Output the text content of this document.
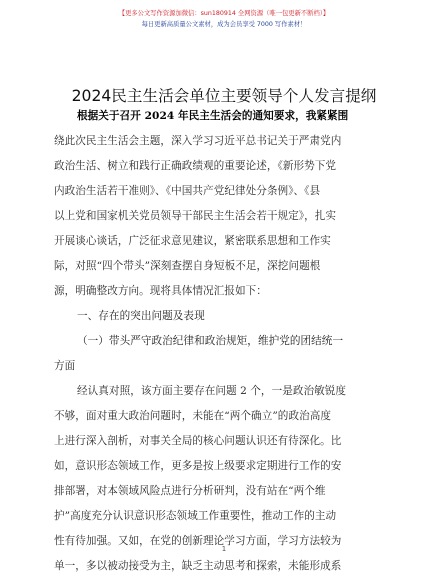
【更多公文写作资源加微信：sun180914 全网资源（唯一包更新不断档）】
每日更新高质量公文素材，成为会员享受 7000 写作素材！
2024民主生活会单位主要领导个人发言提纲
根据关于召开 2024 年民主生活会的通知要求，我紧紧围
绕此次民主生活会主题，深入学习习近平总书记关于严肃党内
政治生活、树立和践行正确政绩观的重要论述，《新形势下党
内政治生活若干准则》、《中国共产党纪律处分条例》、《县
以上党和国家机关党员领导干部民主生活会若干规定》，扎实
开展谈心谈话，广泛征求意见建议，紧密联系思想和工作实
际，对照“四个带头”深刻查摆自身短板不足，深挖问题根
源，明确整改方向。现将具体情况汇报如下：
一、存在的突出问题及表现
（一）带头严守政治纪律和政治规矩，维护党的团结统一
方面
经认真对照，该方面主要存在问题 2 个，一是政治敏锐度
不够，面对重大政治问题时，未能在“两个确立”的政治高度
上进行深入剖析，对事关全局的核心问题认识还有待深化。比
如，意识形态领域工作，更多是按上级要求定期进行工作的安
排部署，对本领域风险点进行分析研判，没有站在“两个维
护”高度充分认识意识形态领域工作重要性，推动工作的主动
性有待加强。又如，在党的创新理论学习方面，学习方法较为
单一，多以被动接受为主，缺乏主动思考和探索，未能形成系
1
